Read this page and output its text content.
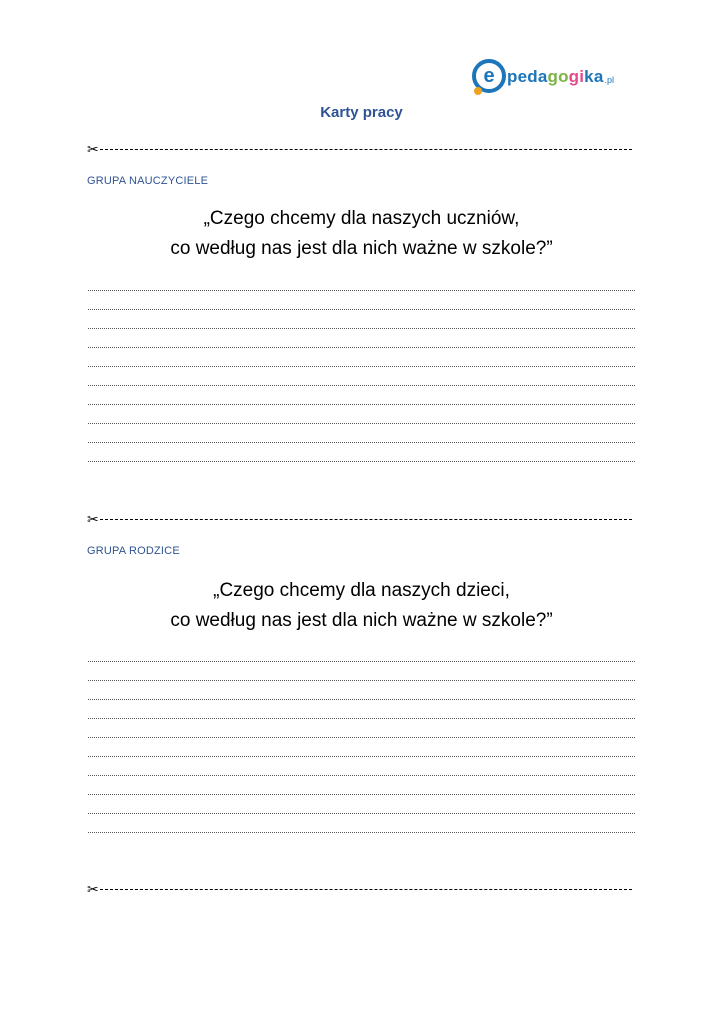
e pedagogika .pl
Karty pracy
✂
GRUPA NAUCZYCIELE
„Czego chcemy dla naszych uczniów,
co według nas jest dla nich ważne w szkole?”
✂
GRUPA RODZICE
„Czego chcemy dla naszych dzieci,
co według nas jest dla nich ważne w szkole?”
✂
